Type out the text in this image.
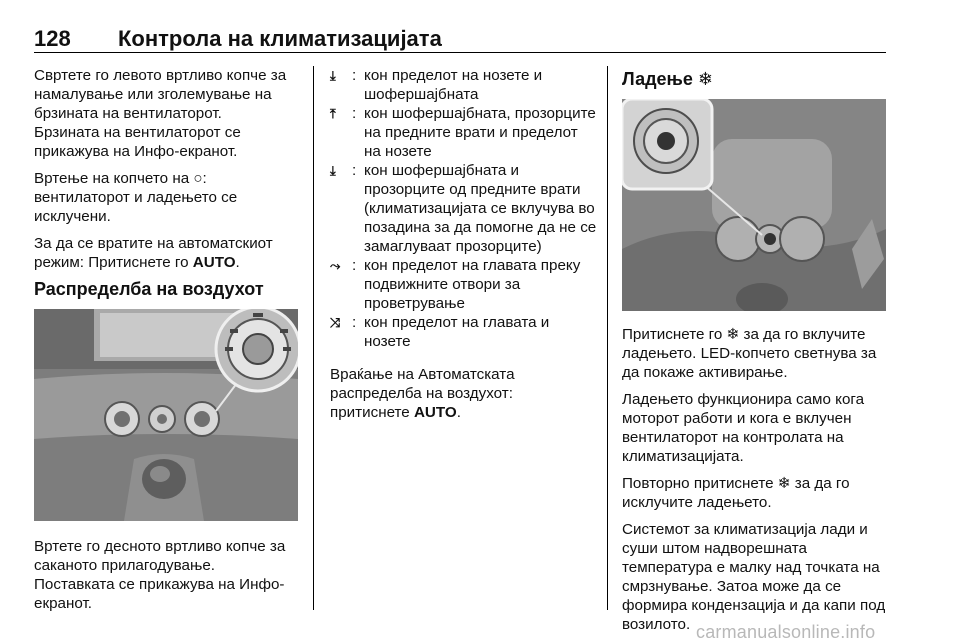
128 Контрола на климатизацијата

Свртете го левото вртливо копче за намалување или зголемување на брзината на вентилаторот.

Брзината на вентилаторот се прикажува на Инфо-екранот.

Вртење на копчето на ○:

вентилаторот и ладењето се исклучени.

За да се вратите на автоматскиот режим: Притиснете го AUTO.

Распределба на воздухот

Вртете го десното вртливо копче за саканото прилагодување.

Поставката се прикажува на Инфо-екранот.

⤓	: кон пределот на нозете и шофершајбната
⤒	: кон шофершајбната, прозорците на предните врати и пределот на нозете
⤓	: кон шофершајбната и прозорците од предните врати (климатизацијата се вклучува во позадина за да помогне да не се замаглуваат прозорците)
⤳ : кон пределот на главата преку подвижните отвори за проветрување
⤨ : кон пределот на главата и нозете

Враќање на Автоматската распределба на воздухот:

притиснете AUTO.

Ладење ❄

Притиснете го ❄ за да го вклучите ладењето. LED-копчето светнува за да покаже активирање.

Ладењето функционира само кога моторот работи и кога е вклучен вентилаторот на контролата на климатизацијата.

Повторно притиснете ❄ за да го исклучите ладењето.

Системот за климатизација лади и суши штом надворешната температура е малку над точката на смрзнување. Затоа може да се формира кондензација и да капи под возилото. carmanualsonline.info
